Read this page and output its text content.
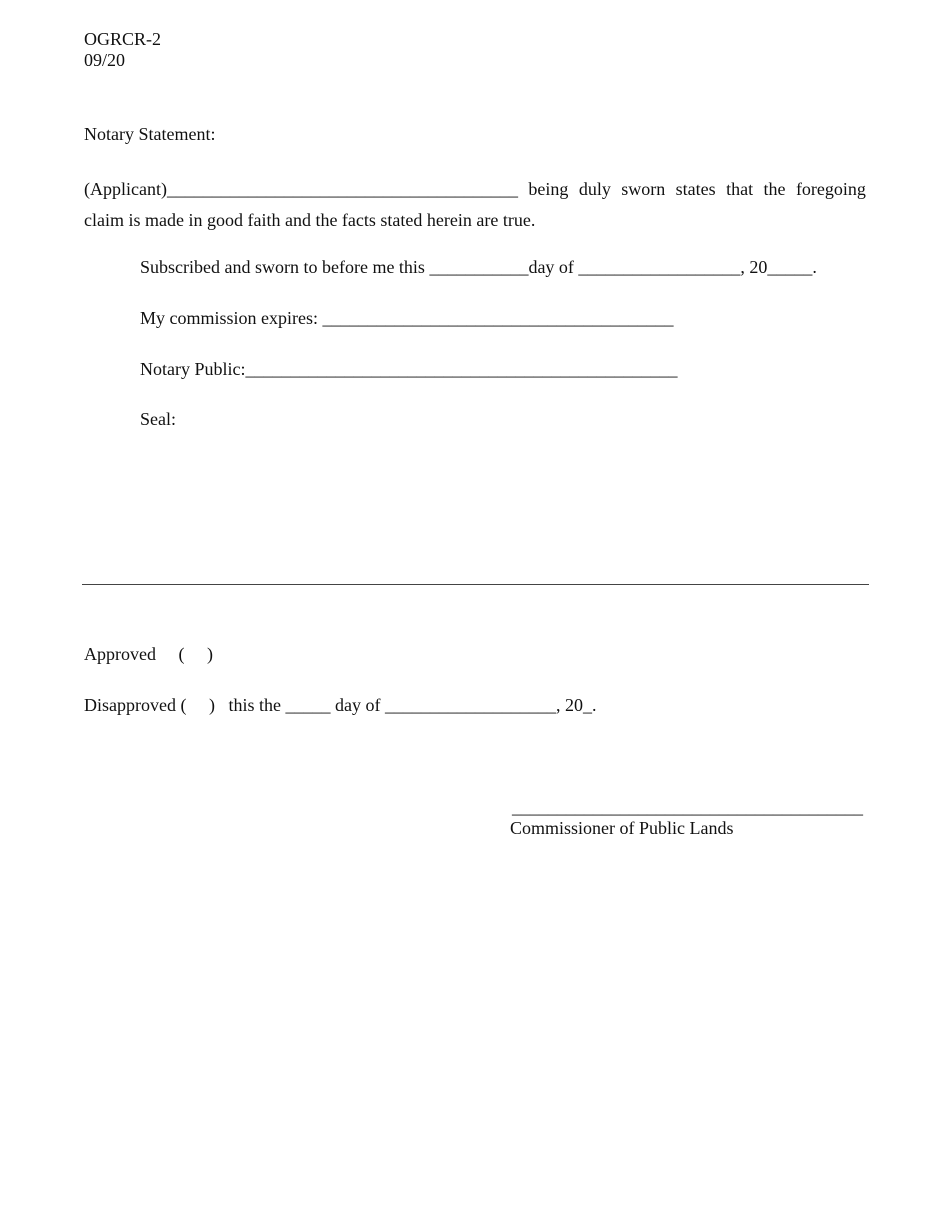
OGRCR-2
09/20
Notary Statement:
(Applicant)_______________________________________ being duly sworn states that the foregoing
claim is made in good faith and the facts stated herein are true.
Subscribed and sworn to before me this ___________day of __________________, 20_____.
My commission expires: _______________________________________
Notary Public:________________________________________________
Seal:
Approved     (     )
Disapproved (     )   this the _____ day of ___________________, 20_.
_______________________________________
Commissioner of Public Lands
